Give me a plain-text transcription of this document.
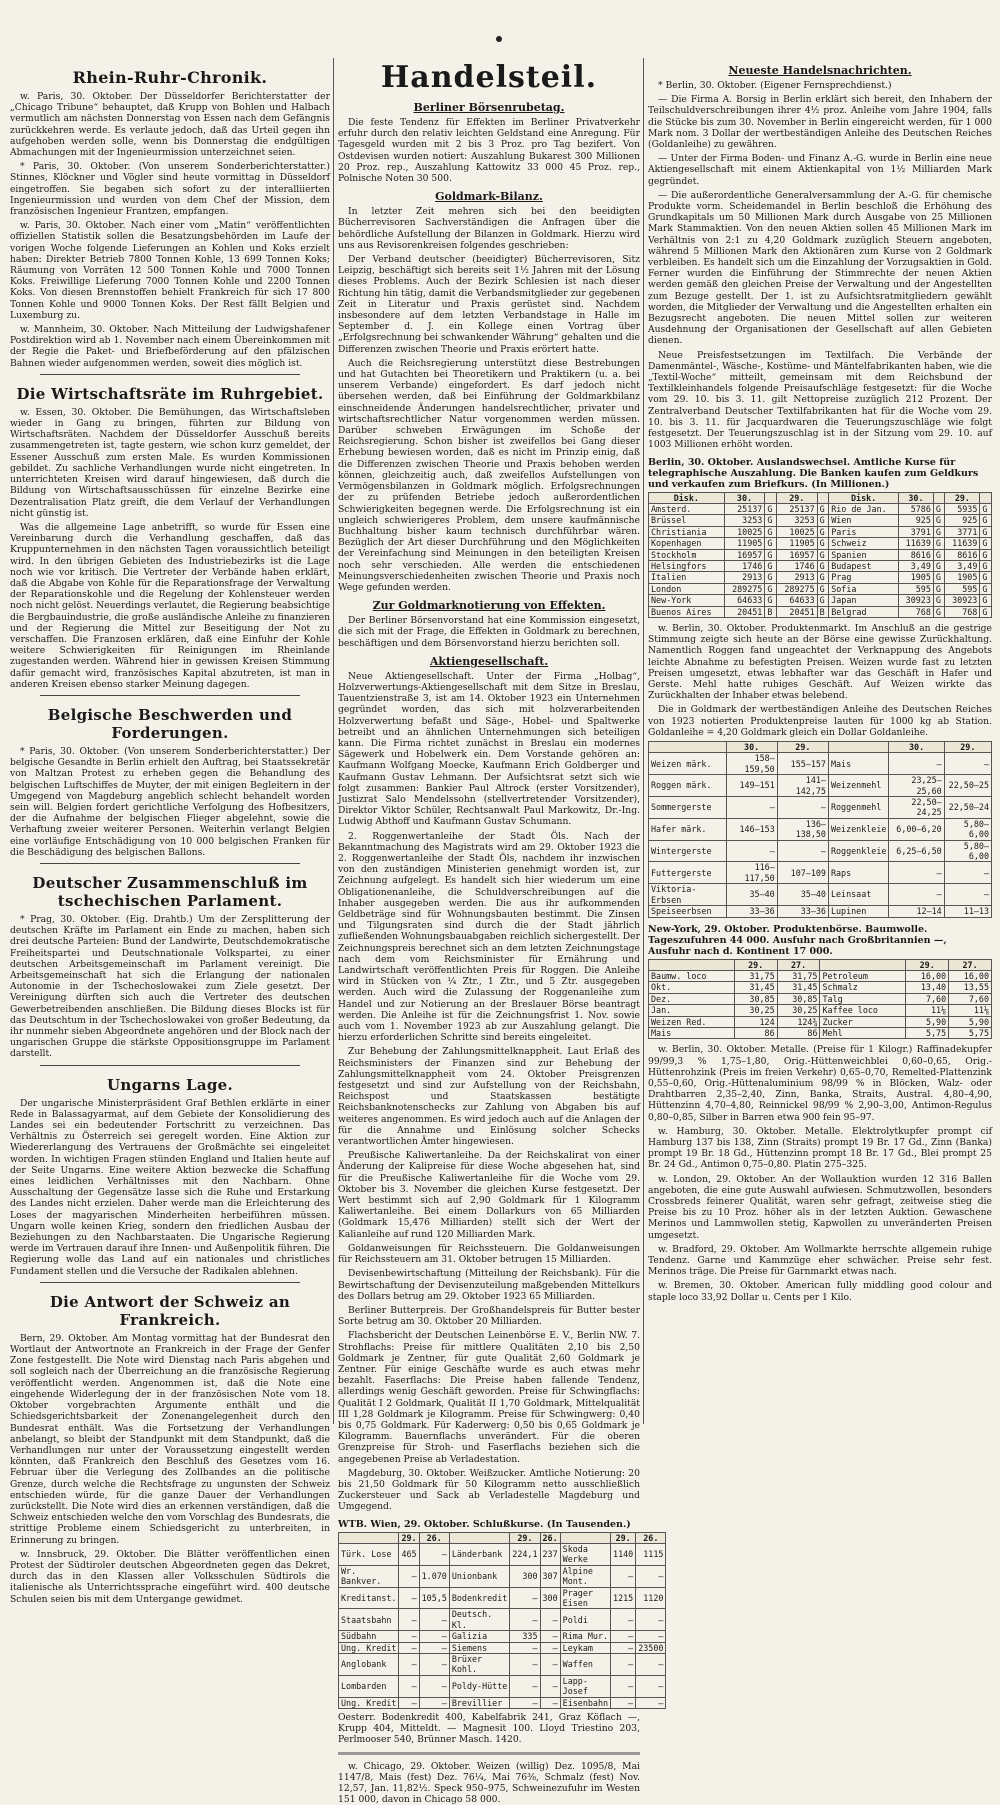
Rhein-Ruhr-Chronik.

w. Paris, 30. Oktober. Der Düsseldorfer Berichterstatter der „Chicago Tribune“ behauptet, daß Krupp von Bohlen und Halbach vermutlich am nächsten Donnerstag von Essen nach dem Gefängnis zurückkehren werde. Es verlaute jedoch, daß das Urteil gegen ihn aufgehoben werden solle, wenn bis Donnerstag die endgültigen Abmachungen mit der Ingenieurmission unterzeichnet seien.

* Paris, 30. Oktober. (Von unserem Sonderberichterstatter.) Stinnes, Klöckner und Vögler sind heute vormittag in Düsseldorf eingetroffen. Sie begaben sich sofort zu der interalliierten Ingenieurmission und wurden von dem Chef der Mission, dem französischen Ingenieur Frantzen, empfangen.

w. Paris, 30. Oktober. Nach einer vom „Matin“ veröffentlichten offiziellen Statistik sollen die Besatzungsbehörden im Laufe der vorigen Woche folgende Lieferungen an Kohlen und Koks erzielt haben: Direkter Betrieb 7800 Tonnen Kohle, 13 699 Tonnen Koks; Räumung von Vorräten 12 500 Tonnen Kohle und 7000 Tonnen Koks. Freiwillige Lieferung 7000 Tonnen Kohle und 2200 Tonnen Koks. Von diesen Brennstoffen behielt Frankreich für sich 17 800 Tonnen Kohle und 9000 Tonnen Koks. Der Rest fällt Belgien und Luxemburg zu.

w. Mannheim, 30. Oktober. Nach Mitteilung der Ludwigshafener Postdirektion wird ab 1. November nach einem Übereinkommen mit der Regie die Paket- und Briefbeförderung auf den pfälzischen Bahnen wieder aufgenommen werden, soweit dies möglich ist.

Die Wirtschaftsräte im Ruhrgebiet.

w. Essen, 30. Oktober. Die Bemühungen, das Wirtschaftsleben wieder in Gang zu bringen, führten zur Bildung von Wirtschaftsräten. Nachdem der Düsseldorfer Ausschuß bereits zusammengetreten ist, tagte gestern, wie schon kurz gemeldet, der Essener Ausschuß zum ersten Male. Es wurden Kommissionen gebildet. Zu sachliche Verhandlungen wurde nicht eingetreten. In unterrichteten Kreisen wird darauf hingewiesen, daß durch die Bildung von Wirtschaftsausschüssen für einzelne Bezirke eine Dezentralisation Platz greift, die dem Verlauf der Verhandlungen nicht günstig ist.

Was die allgemeine Lage anbetrifft, so wurde für Essen eine Vereinbarung durch die Verhandlung geschaffen, daß das Kruppunternehmen in den nächsten Tagen voraussichtlich beteiligt wird. In den übrigen Gebieten des Industriebezirks ist die Lage noch wie vor kritisch. Die Vertreter der Verbände haben erklärt, daß die Abgabe von Kohle für die Reparationsfrage der Verwaltung der Reparationskohle und die Regelung der Kohlensteuer werden noch nicht gelöst. Neuerdings verlautet, die Regierung beabsichtige die Bergbauindustrie, die große ausländische Anleihe zu finanzieren und der Regierung die Mittel zur Beseitigung der Not zu verschaffen. Die Franzosen erklären, daß eine Einfuhr der Kohle weitere Schwierigkeiten für Reinigungen im Rheinlande zugestanden werden. Während hier in gewissen Kreisen Stimmung dafür gemacht wird, französisches Kapital abzutreten, ist man in anderen Kreisen ebenso starker Meinung dagegen.

Belgische Beschwerden und Forderungen.

* Paris, 30. Oktober. (Von unserem Sonderberichterstatter.) Der belgische Gesandte in Berlin erhielt den Auftrag, bei Staatssekretär von Maltzan Protest zu erheben gegen die Behandlung des belgischen Luftschiffes de Muyter, der mit einigen Begleitern in der Umgegend von Magdeburg angeblich schlecht behandelt worden sein will. Belgien fordert gerichtliche Verfolgung des Hofbesitzers, der die Aufnahme der belgischen Flieger abgelehnt, sowie die Verhaftung zweier weiterer Personen. Weiterhin verlangt Belgien eine vorläufige Entschädigung von 10 000 belgischen Franken für die Beschädigung des belgischen Ballons.

Deutscher Zusammenschluß im tschechischen Parlament.

* Prag, 30. Oktober. (Eig. Drahtb.) Um der Zersplitterung der deutschen Kräfte im Parlament ein Ende zu machen, haben sich drei deutsche Parteien: Bund der Landwirte, Deutschdemokratische Freiheitspartei und Deutschnationale Volkspartei, zu einer deutschen Arbeitsgemeinschaft im Parlament vereinigt. Die Arbeitsgemeinschaft hat sich die Erlangung der nationalen Autonomie in der Tschechoslowakei zum Ziele gesetzt. Der Vereinigung dürften sich auch die Vertreter des deutschen Gewerbetreibenden anschließen. Die Bildung dieses Blocks ist für das Deutschtum in der Tschechoslowakei von großer Bedeutung, da ihr nunmehr sieben Abgeordnete angehören und der Block nach der ungarischen Gruppe die stärkste Oppositionsgruppe im Parlament darstellt.

Ungarns Lage.

Der ungarische Ministerpräsident Graf Bethlen erklärte in einer Rede in Balassagyarmat, auf dem Gebiete der Konsolidierung des Landes sei ein bedeutender Fortschritt zu verzeichnen. Das Verhältnis zu Österreich sei geregelt worden. Eine Aktion zur Wiedererlangung des Vertrauens der Großmächte sei eingeleitet worden. In wichtigen Fragen stünden England und Italien heute auf der Seite Ungarns. Eine weitere Aktion bezwecke die Schaffung eines leidlichen Verhältnisses mit den Nachbarn. Ohne Ausschaltung der Gegensätze lasse sich die Ruhe und Erstarkung des Landes nicht erzielen. Daher werde man die Erleichterung des Loses der magyarischen Minderheiten herbeiführen müssen. Ungarn wolle keinen Krieg, sondern den friedlichen Ausbau der Beziehungen zu den Nachbarstaaten. Die Ungarische Regierung werde im Vertrauen darauf ihre Innen- und Außenpolitik führen. Die Regierung wolle das Land auf ein nationales und christliches Fundament stellen und die Versuche der Radikalen ablehnen.

Die Antwort der Schweiz an Frankreich.

Bern, 29. Oktober. Am Montag vormittag hat der Bundesrat den Wortlaut der Antwortnote an Frankreich in der Frage der Genfer Zone festgestellt. Die Note wird Dienstag nach Paris abgehen und soll sogleich nach der Überreichung an die französische Regierung veröffentlicht werden. Angenommen ist, daß die Note eine eingehende Widerlegung der in der französischen Note vom 18. Oktober vorgebrachten Argumente enthält und die Schiedsgerichtsbarkeit der Zonenangelegenheit durch den Bundesrat enthält. Was die Fortsetzung der Verhandlungen anbelangt, so bleibt der Standpunkt mit dem Standpunkt, daß die Verhandlungen nur unter der Voraussetzung eingestellt werden könnten, daß Frankreich den Beschluß des Gesetzes vom 16. Februar über die Verlegung des Zollbandes an die politische Grenze, durch welche die Rechtsfrage zu ungunsten der Schweiz entschieden würde, für die ganze Dauer der Verhandlungen zurückstellt. Die Note wird dies an erkennen verständigen, daß die Schweiz entschieden welche den vom Vorschlag des Bundesrats, die strittige Probleme einem Schiedsgericht zu unterbreiten, in Erinnerung zu bringen.

w. Innsbruck, 29. Oktober. Die Blätter veröffentlichen einen Protest der Südtiroler deutschen Abgeordneten gegen das Dekret, durch das in den Klassen aller Volksschulen Südtirols die italienische als Unterrichtssprache eingeführt wird. 400 deutsche Schulen seien bis mit dem Untergange gewidmet.

Handelsteil.
Berliner Börsenrubetag.

Die feste Tendenz für Effekten im Berliner Privatverkehr erfuhr durch den relativ leichten Geldstand eine Anregung. Für Tagesgeld wurden mit 2 bis 3 Proz. pro Tag bezifert. Von Ostdevisen wurden notiert: Auszahlung Bukarest 300 Millionen 20 Proz. rep., Auszahlung Kattowitz 33 000 45 Proz. rep., Polnische Noten 30 500.

Goldmark-Bilanz.

In letzter Zeit mehren sich bei den beeidigten Bücherrevisoren Sachverständigen die Anfragen über die behördliche Aufstellung der Bilanzen in Goldmark. Hierzu wird uns aus Revisorenkreisen folgendes geschrieben:

Der Verband deutscher (beeidigter) Bücherrevisoren, Sitz Leipzig, beschäftigt sich bereits seit 1½ Jahren mit der Lösung dieses Problems. Auch der Bezirk Schlesien ist nach dieser Richtung hin tätig, damit die Verbandsmitglieder zur gegebenen Zeit in Literatur und Praxis gerüstet sind. Nachdem insbesondere auf dem letzten Verbandstage in Halle im September d. J. ein Kollege einen Vortrag über „Erfolgsrechnung bei schwankender Währung“ gehalten und die Differenzen zwischen Theorie und Praxis erörtert hatte.

Auch die Reichsregierung unterstützt diese Bestrebungen und hat Gutachten bei Theoretikern und Praktikern (u. a. bei unserem Verbande) eingefordert. Es darf jedoch nicht übersehen werden, daß bei Einführung der Goldmarkbilanz einschneidende Änderungen handelsrechtlicher, privater und wirtschaftsrechtlicher Natur vorgenommen werden müssen. Darüber schweben Erwägungen im Schoße der Reichsregierung. Schon bisher ist zweifellos bei Gang dieser Erhebung bewiesen worden, daß es nicht im Prinzip einig, daß die Differenzen zwischen Theorie und Praxis behoben werden können, gleichzeitig auch, daß zweifellos Aufstellungen von Vermögensbilanzen in Goldmark möglich. Erfolgsrechnungen der zu prüfenden Betriebe jedoch außerordentlichen Schwierigkeiten begegnen werde. Die Erfolgsrechnung ist ein ungleich schwierigeres Problem, dem unsere kaufmännische Buchhaltung bisher kaum technisch durchführbar wären. Bezüglich der Art dieser Durchführung und den Möglichkeiten der Vereinfachung sind Meinungen in den beteiligten Kreisen noch sehr verschieden. Alle werden die entschiedenen Meinungsverschiedenheiten zwischen Theorie und Praxis noch Wege gefunden werden.

Zur Goldmarknotierung von Effekten.

Der Berliner Börsenvorstand hat eine Kommission eingesetzt, die sich mit der Frage, die Effekten in Goldmark zu berechnen, beschäftigen und dem Börsenvorstand hierzu berichten soll.

Aktiengesellschaft.

Neue Aktiengesellschaft. Unter der Firma „Holbag“, Holzverwertungs-Aktiengesellschaft mit dem Sitze in Breslau, Tauentzienstraße 3, ist am 14. Oktober 1923 ein Unternehmen gegründet worden, das sich mit holzverarbeitenden Holzverwertung befaßt und Säge-, Hobel- und Spaltwerke betreibt und an ähnlichen Unternehmungen sich beteiligen kann. Die Firma richtet zunächst in Breslau ein modernes Sägewerk und Hobelwerk ein. Dem Vorstande gehören an: Kaufmann Wolfgang Moecke, Kaufmann Erich Goldberger und Kaufmann Gustav Lehmann. Der Aufsichtsrat setzt sich wie folgt zusammen: Bankier Paul Altrock (erster Vorsitzender), Justizrat Salo Mendelssohn (stellvertretender Vorsitzender), Direktor Viktor Schüler, Rechtsanwalt Paul Markowitz, Dr.-Ing. Ludwig Abthoff und Kaufmann Gustav Schumann.

2. Roggenwertanleihe der Stadt Öls. Nach der Bekanntmachung des Magistrats wird am 29. Oktober 1923 die 2. Roggenwertanleihe der Stadt Öls, nachdem ihr inzwischen von den zuständigen Ministerien genehmigt worden ist, zur Zeichnung aufgelegt. Es handelt sich hier wiederum um eine Obligationenanleihe, die Schuldverschreibungen auf die Inhaber ausgegeben werden. Die aus ihr aufkommenden Geldbeträge sind für Wohnungsbauten bestimmt. Die Zinsen und Tilgungsraten sind durch die der Stadt jährlich zufließenden Wohnungsbauabgaben reichlich sichergestellt. Der Zeichnungspreis berechnet sich an dem letzten Zeichnungstage nach dem vom Reichsminister für Ernährung und Landwirtschaft veröffentlichten Preis für Roggen. Die Anleihe wird in Stücken von ¼ Ztr., 1 Ztr., und 5 Ztr. ausgegeben werden. Auch wird die Zulassung der Roggenanleihe zum Handel und zur Notierung an der Breslauer Börse beantragt werden. Die Anleihe ist für die Zeichnungsfrist 1. Nov. sowie auch vom 1. November 1923 ab zur Auszahlung gelangt. Die hierzu erforderlichen Schritte sind bereits eingeleitet.

Zur Behebung der Zahlungsmittelknappheit. Laut Erlaß des Reichsministers der Finanzen sind zur Behebung der Zahlungsmittelknappheit vom 24. Oktober Preisgrenzen festgesetzt und sind zur Aufstellung von der Reichsbahn, Reichspost und Staatskassen bestätigte Reichsbanknotenschecks zur Zahlung von Abgaben bis auf weiteres angenommen. Es wird jedoch auch auf die Anlagen der für die Annahme und Einlösung solcher Schecks verantwortlichen Ämter hingewiesen.

Preußische Kaliwertanleihe. Da der Reichskalirat von einer Änderung der Kalipreise für diese Woche abgesehen hat, sind für die Preußische Kaliwertanleihe für die Woche vom 29. Oktober bis 3. November die gleichen Kurse festgesetzt. Der Wert bestimmt sich auf 2,90 Goldmark für 1 Kilogramm Kaliwertanleihe. Bei einem Dollarkurs von 65 Milliarden (Goldmark 15,476 Milliarden) stellt sich der Wert der Kalianleihe auf rund 120 Milliarden Mark.

Goldanweisungen für Reichssteuern. Die Goldanweisungen für Reichssteuern am 31. Oktober betrugen 15 Milliarden.

Devisenbewirtschaftung (Mitteilung der Reichsbank). Für die Bewirtschaftung der Devisenzuteilung maßgebenden Mittelkurs des Dollars betrug am 29. Oktober 1923 65 Milliarden.

Berliner Butterpreis. Der Großhandelspreis für Butter bester Sorte betrug am 30. Oktober 20 Milliarden.

Flachsbericht der Deutschen Leinenbörse E. V., Berlin NW. 7. Strohflachs: Preise für mittlere Qualitäten 2,10 bis 2,50 Goldmark je Zentner, für gute Qualität 2,60 Goldmark je Zentner. Für einige Geschäfte wurde es auch etwas mehr bezahlt. Faserflachs: Die Preise haben fallende Tendenz, allerdings wenig Geschäft geworden. Preise für Schwingflachs: Qualität I 2 Goldmark, Qualität II 1,70 Goldmark, Mittelqualität III 1,28 Goldmark je Kilogramm. Preise für Schwingwerg: 0,40 bis 0,75 Goldmark. Für Kaderwerg: 0,50 bis 0,65 Goldmark je Kilogramm. Bauernflachs unverändert. Für die oberen Grenzpreise für Stroh- und Faserflachs beziehen sich die angegebenen Preise ab Verladestation.

Magdeburg, 30. Oktober. Weißzucker. Amtliche Notierung: 20 bis 21,50 Goldmark für 50 Kilogramm netto ausschließlich Zuckersteuer und Sack ab Verladestelle Magdeburg und Umgegend.

WTB. Wien, 29. Oktober. Schlußkurse. (In Tausenden.)
	29.	26.		29.	26.		29.	26.
Türk. Lose	465	—	Länderbank	224,1	237	Skoda Werke	1140	1115
Wr. Bankver.	—	1.070	Unionbank	300	307	Alpine Mont.	—	—
Kreditanst.	—	105,5	Bodenkredit	—	300	Prager Eisen	1215	1120
Staatsbahn	—	—	Deutsch. Kl.	—	—	Poldi	—	—
Südbahn	—	—	Galizia	335	—	Rima Mur.	—	—
Ung. Kredit	—	—	Siemens	—	—	Leykam	—	23500
Anglobank	—	—	Brüxer Kohl.	—	—	Waffen	—	—
Lombarden	—	—	Poldy-Hütte	—	—	Lapp-Josef	—	—
Ung. Kredit	—	—	Brevillier	—	—	Eisenbahn	—	—

Oesterr. Bodenkredit 400, Kabelfabrik 241, Graz Köflach —, Krupp 404, Mitteldt. — Magnesit 100. Lloyd Triestino 203, Perlmooser 540, Brünner Masch. 1420.

w. Chicago, 29. Oktober. Weizen (willig) Dez. 1095/8, Mai 1147/8, Mais (fest) Dez. 76¼, Mai 76⅜, Schmalz (fest) Nov. 12,57, Jan. 11,82½. Speck 950–975, Schweinezufuhr im Westen 151 000, davon in Chicago 58 000.

Neueste Handelsnachrichten.

* Berlin, 30. Oktober. (Eigener Fernsprechdienst.)

— Die Firma A. Borsig in Berlin erklärt sich bereit, den Inhabern der Teilschuldverschreibungen ihrer 4½ proz. Anleihe vom Jahre 1904, falls die Stücke bis zum 30. November in Berlin eingereicht werden, für 1 000 Mark nom. 3 Dollar der wertbeständigen Anleihe des Deutschen Reiches (Goldanleihe) zu gewähren.

— Unter der Firma Boden- und Finanz A.-G. wurde in Berlin eine neue Aktiengesellschaft mit einem Aktienkapital von 1½ Milliarden Mark gegründet.

— Die außerordentliche Generalversammlung der A.-G. für chemische Produkte vorm. Scheidemandel in Berlin beschloß die Erhöhung des Grundkapitals um 50 Millionen Mark durch Ausgabe von 25 Millionen Mark Stammaktien. Von den neuen Aktien sollen 45 Millionen Mark im Verhältnis von 2:1 zu 4,20 Goldmark zuzüglich Steuern angeboten, während 5 Millionen Mark den Aktionären zum Kurse von 2 Goldmark verbleiben. Es handelt sich um die Einzahlung der Vorzugsaktien in Gold. Ferner wurden die Einführung der Stimmrechte der neuen Aktien werden gemäß den gleichen Preise der Verwaltung und der Angestellten zum Bezuge gestellt. Der 1. ist zu Aufsichtsratmitgliedern gewählt worden, die Mitglieder der Verwaltung und die Angestellten erhalten ein Bezugsrecht angeboten. Die neuen Mittel sollen zur weiteren Ausdehnung der Organisationen der Gesellschaft auf allen Gebieten dienen.

Neue Preisfestsetzungen im Textilfach. Die Verbände der Damenmäntel-, Wäsche-, Kostüme- und Mäntelfabrikanten haben, wie die „Textil-Woche“ mitteilt, gemeinsam mit dem Reichsbund der Textilkleinhandels folgende Preisaufschläge festgesetzt: für die Woche vom 29. 10. bis 3. 11. gilt Nettopreise zuzüglich 212 Prozent. Der Zentralverband Deutscher Textilfabrikanten hat für die Woche vom 29. 10. bis 3. 11. für Jacquardwaren die Teuerungszuschläge wie folgt festgesetzt. Der Teuerungszuschlag ist in der Sitzung vom 29. 10. auf 1003 Millionen erhöht worden.

Berlin, 30. Oktober. Auslandswechsel. Amtliche Kurse für telegraphische Auszahlung. Die Banken kaufen zum Geldkurs und verkaufen zum Briefkurs. (In Millionen.)
Disk.	30.		29.		Disk.	30.		29.	
Amsterd.	25137	G	25137	G	Rio de Jan.	5786	G	5935	G
Brüssel	3253	G	3253	G	Wien	925	G	925	G
Christiania	10025	G	10025	G	Paris	3791	G	3771	G
Kopenhagen	11905	G	11905	G	Schweiz	11639	G	11639	G
Stockholm	16957	G	16957	G	Spanien	8616	G	8616	G
Helsingfors	1746	G	1746	G	Budapest	3,49	G	3,49	G
Italien	2913	G	2913	G	Prag	1905	G	1905	G
London	289275	G	289275	G	Sofia	595	G	595	G
New-York	64633	G	64633	G	Japan	30923	G	30923	G
Buenos Aires	20451	B	20451	B	Belgrad	768	G	768	G

w. Berlin, 30. Oktober. Produktenmarkt. Im Anschluß an die gestrige Stimmung zeigte sich heute an der Börse eine gewisse Zurückhaltung. Namentlich Roggen fand ungeachtet der Verknappung des Angebots leichte Abnahme zu befestigten Preisen. Weizen wurde fast zu letzten Preisen umgesetzt, etwas lebhafter war das Geschäft in Hafer und Gerste. Mehl hatte ruhiges Geschäft. Auf Weizen wirkte das Zurückhalten der Inhaber etwas belebend.

Die in Goldmark der wertbeständigen Anleihe des Deutschen Reiches von 1923 notierten Produktenpreise lauten für 1000 kg ab Station. Goldanleihe = 4,20 Goldmark gleich ein Dollar Goldanleihe.

	30.	29.		30.	29.
Weizen märk.	158–159,50	155–157	Mais	—	—
Roggen märk.	149–151	141–142,75	Weizenmehl	23,25–25,60	22,50–25
Sommergerste	—	—	Roggenmehl	22,50–24,25	22,50–24
Hafer märk.	146–153	136–138,50	Weizenkleie	6,00–6,20	5,80–6,00
Wintergerste	—	—	Roggenkleie	6,25–6,50	5,80–6,00
Futtergerste	116–117,50	107–109	Raps	—	—
Viktoria-Erbsen	35–40	35–40	Leinsaat	—	—
Speiseerbsen	33–36	33–36	Lupinen	12–14	11–13
New-York, 29. Oktober. Produktenbörse. Baumwolle. Tageszufuhren 44 000. Ausfuhr nach Großbritannien —, Ausfuhr nach d. Kontinent 17 000.
	29.	27.		29.	27.
Baumw. loco	31,75	31,75	Petroleum	16,00	16,00
Okt.	31,45	31,45	Schmalz	13,40	13,55
Dez.	30,85	30,85	Talg	7,60	7,60
Jan.	30,25	30,25	Kaffee loco	11⅛	11⅛
Weizen Red.	124	124¾	Zucker	5,90	5,90
Mais	86	86	Mehl	5,75	5,75

w. Berlin, 30. Oktober. Metalle. (Preise für 1 Kilogr.) Raffinadekupfer 99/99,3 % 1,75–1,80, Orig.-Hüttenweichblei 0,60–0,65, Orig.-Hüttenrohzink (Preis im freien Verkehr) 0,65–0,70, Remelted-Plattenzink 0,55–0,60, Orig.-Hüttenaluminium 98/99 % in Blöcken, Walz- oder Drahtbarren 2,35–2,40, Zinn, Banka, Straits, Austral. 4,80–4,90, Hüttenzinn 4,70–4,80, Reinnickel 98/99 % 2,90–3,00, Antimon-Regulus 0,80–0,85, Silber in Barren etwa 900 fein 95–97.

w. Hamburg, 30. Oktober. Metalle. Elektrolytkupfer prompt cif Hamburg 137 bis 138, Zinn (Straits) prompt 19 Br. 17 Gd., Zinn (Banka) prompt 19 Br. 18 Gd., Hüttenzinn prompt 18 Br. 17 Gd., Blei prompt 25 Br. 24 Gd., Antimon 0,75–0,80. Platin 275–325.

w. London, 29. Oktober. An der Wollauktion wurden 12 316 Ballen angeboten, die eine gute Auswahl aufwiesen. Schmutzwollen, besonders Crossbreds feinerer Qualität, waren sehr gefragt, zeitweise stieg die Preise bis zu 10 Proz. höher als in der letzten Auktion. Gewaschene Merinos und Lammwollen stetig, Kapwollen zu unveränderten Preisen umgesetzt.

w. Bradford, 29. Oktober. Am Wollmarkte herrschte allgemein ruhige Tendenz. Garne und Kammzüge eher schwächer. Preise sehr fest. Merinos träge. Die Preise für Garnmarkt etwas nach.

w. Bremen, 30. Oktober. American fully middling good colour and staple loco 33,92 Dollar u. Cents per 1 Kilo.
